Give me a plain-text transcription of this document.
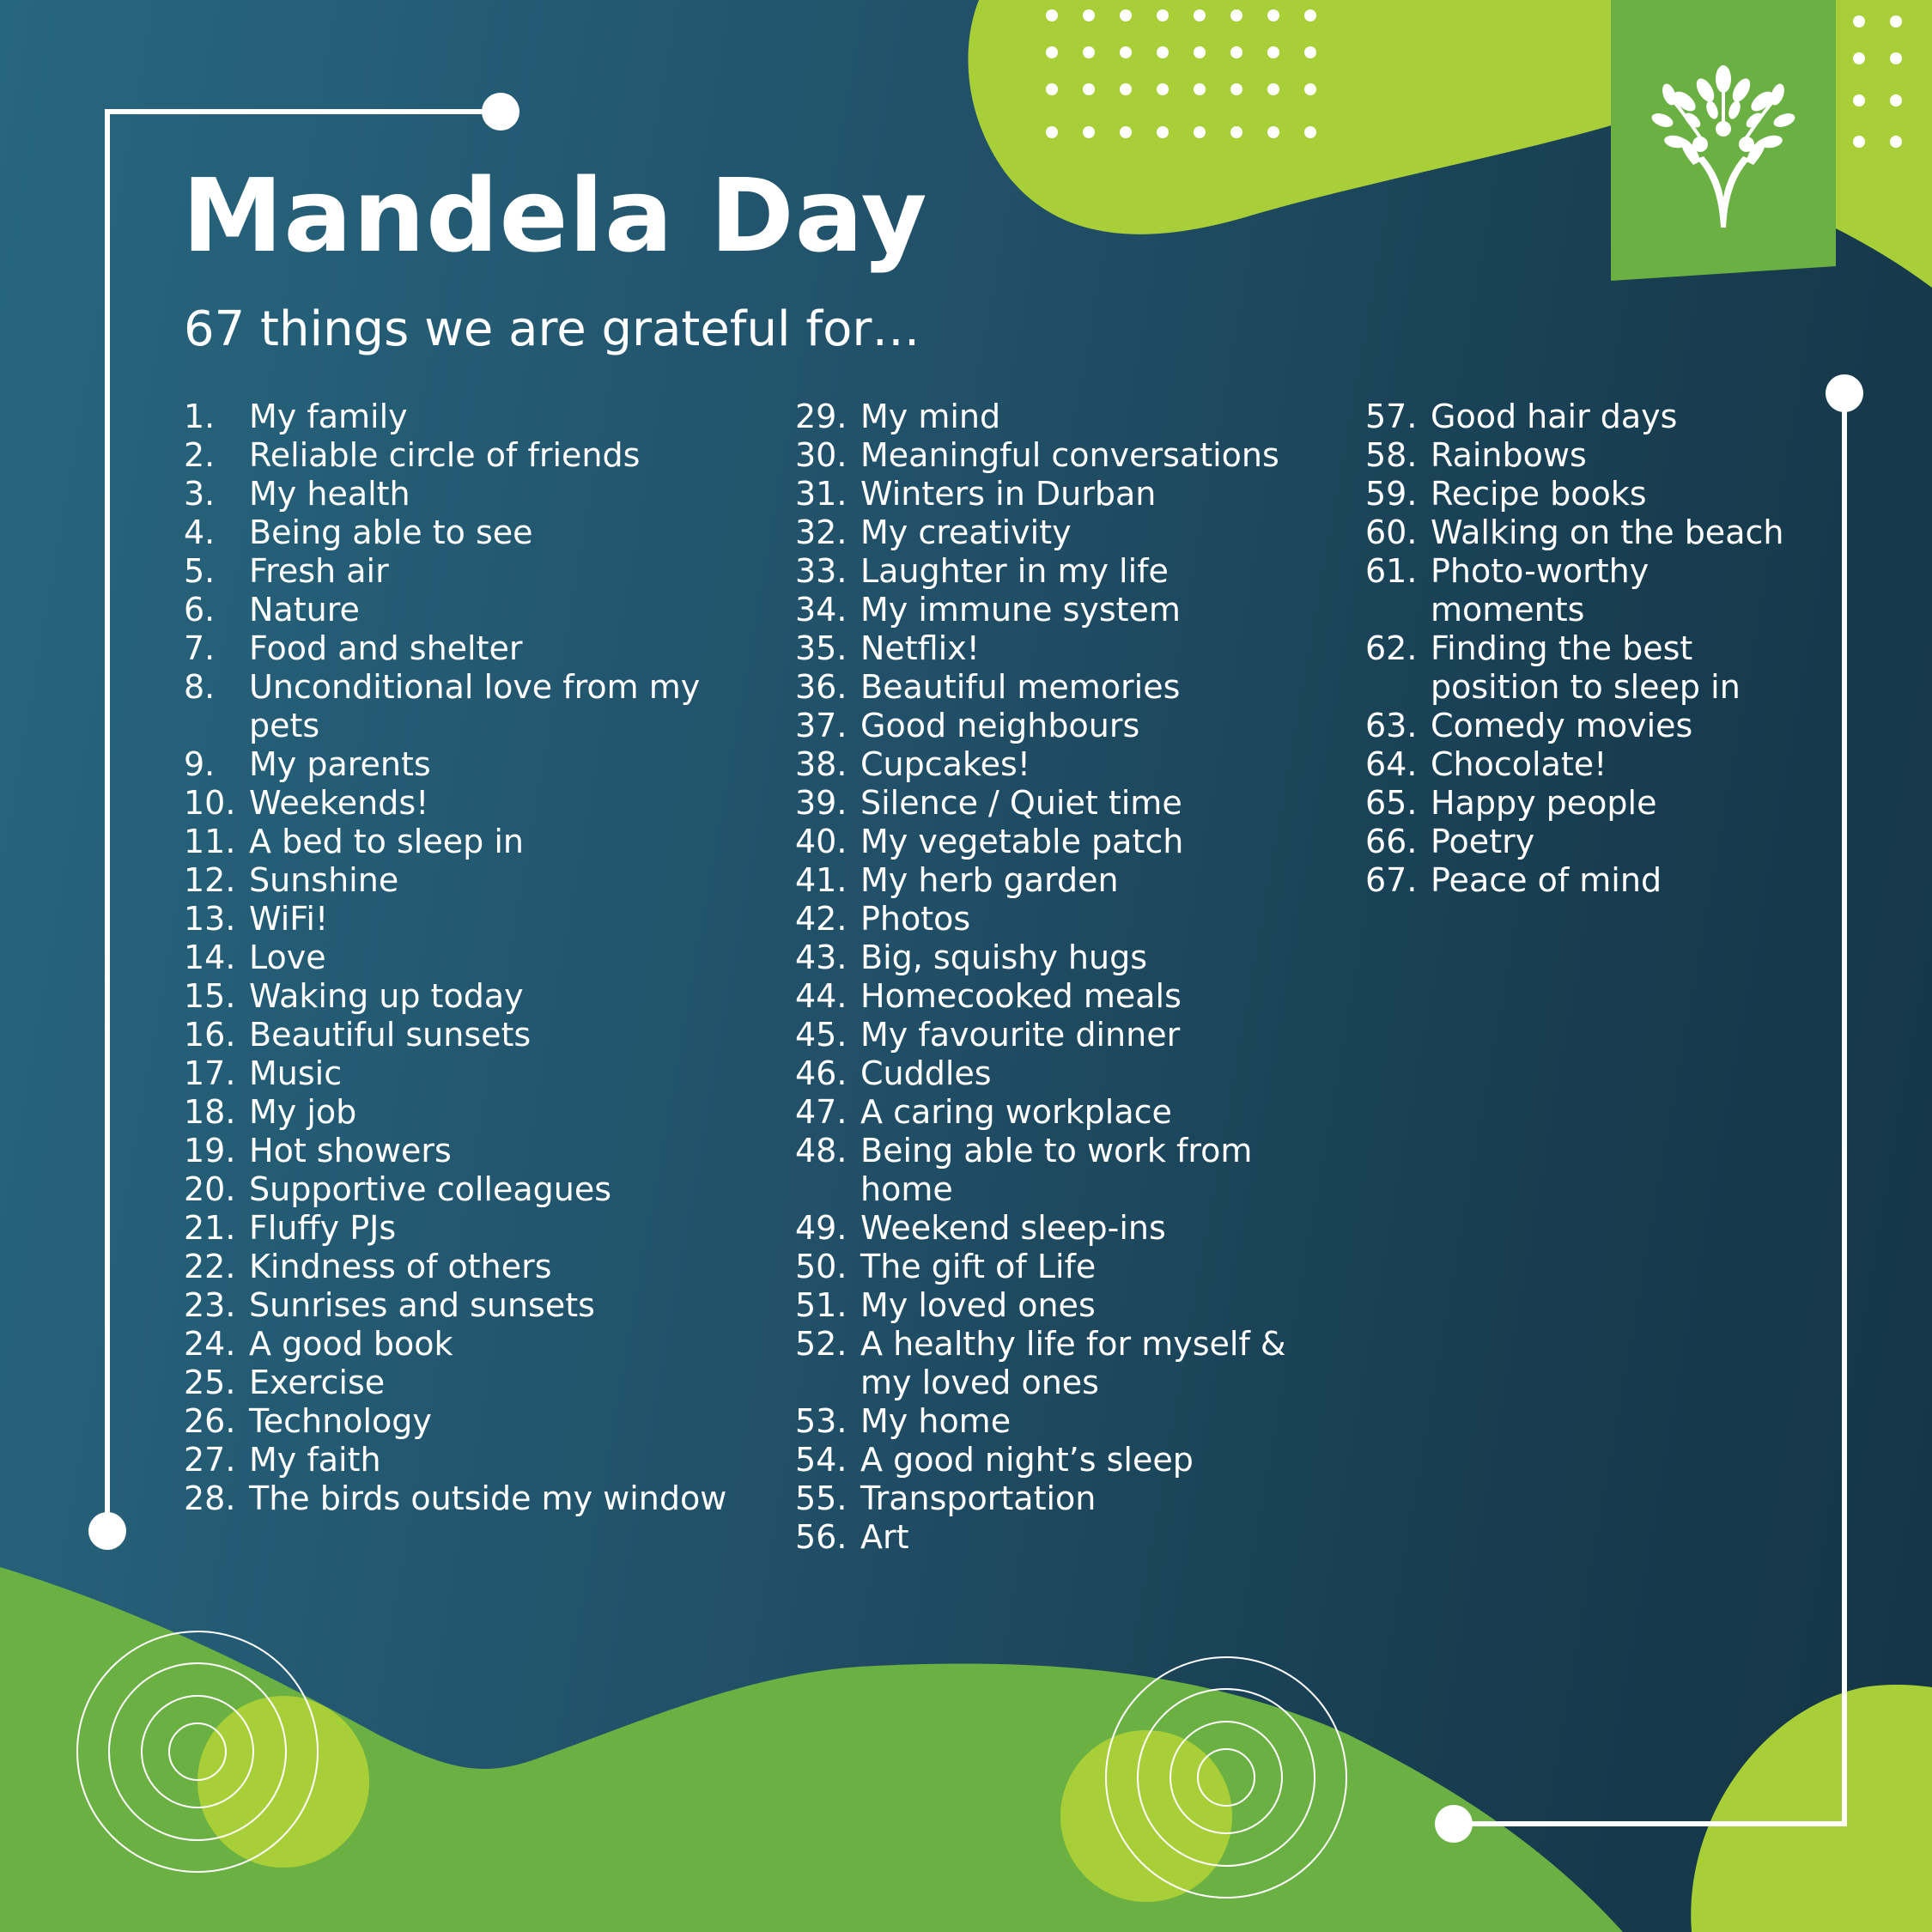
Mandela Day
67 things we are grateful for…
1.	My family
2.	Reliable circle of friends
3.	My health
4.	Being able to see
5.	Fresh air
6.	Nature
7.	Food and shelter
8.	Unconditional love from my pets
9.	My parents
10. Weekends!
11. A bed to sleep in
12. Sunshine
13. WiFi!
14. Love
15. Waking up today
16. Beautiful sunsets
17. Music
18. My job
19. Hot showers
20. Supportive colleagues
21. Fluffy PJs
22. Kindness of others
23. Sunrises and sunsets
24. A good book
25. Exercise
26. Technology
27. My faith
28. The birds outside my window
29. My mind
30. Meaningful conversations
31. Winters in Durban
32. My creativity
33. Laughter in my life
34. My immune system
35. Netflix!
36. Beautiful memories
37. Good neighbours
38. Cupcakes!
39. Silence / Quiet time
40. My vegetable patch
41. My herb garden
42. Photos
43. Big, squishy hugs
44. Homecooked meals
45. My favourite dinner
46. Cuddles
47. A caring workplace
48. Being able to work from home
49. Weekend sleep-ins
50. The gift of Life
51. My loved ones
52. A healthy life for myself & my loved ones
53. My home
54. A good night’s sleep
55. Transportation
56. Art
57. Good hair days
58. Rainbows
59. Recipe books
60. Walking on the beach
61. Photo-worthy moments
62. Finding the best position to sleep in
63. Comedy movies
64. Chocolate!
65. Happy people
66. Poetry
67. Peace of mind
